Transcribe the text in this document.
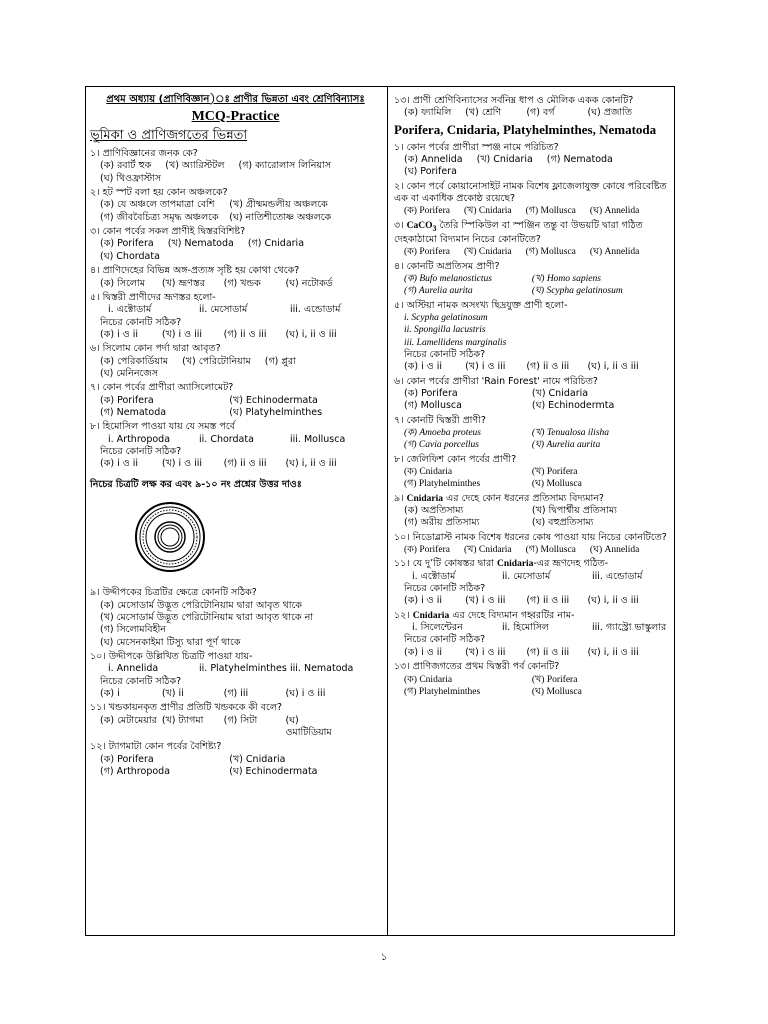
প্রথম অধ্যায় (প্রাণিবিজ্ঞান)ঃ প্রাণীর ভিন্নতা এবং শ্রেণিবিন্যাসঃ
MCQ-Practice
ভূমিকা ও প্রাণিজগতের ভিন্নতা
১। প্রাণিবিজ্ঞানের জনক কে?
(ক) রবার্ট হুক (খ) অ্যারিস্টটল (গ) ক্যারোলাস লিনিয়াস
(ঘ) থিওফ্রাস্টাস
২। হট স্পট বলা হয় কোন অঞ্চলকে?
(ক) যে অঞ্চলে তাপমাত্রা বেশি	(খ) গ্রীষ্মমন্ডলীয় অঞ্চলকে
(গ) জীববৈচিত্র্য সমৃদ্ধ অঞ্চলকে	(ঘ) নাতিশীতোষ্ণ অঞ্চলকে
৩। কোন পর্বের সকল প্রাণীই দ্বিস্তরবিশিষ্ট?
(ক) Porifera (খ) Nematoda (গ) Cnidaria
(ঘ) Chordata
৪। প্রাণিদেহের বিভিন্ন অঙ্গ-প্রত্যঙ্গ সৃষ্টি হয় কোথা থেকে?
(ক) সিলোম	(খ) ভ্রূণস্তর	(গ) খন্ডক	(ঘ) নটোকর্ড
৫। দ্বিস্তরী প্রাণীদের ভ্রূণস্তর হলো-
i. এক্টোডার্ম	ii. মেসোডার্ম	iii. এন্ডোডার্ম
নিচের কোনটি সঠিক?
(ক) i ও ii	(খ) i ও iii	(গ) ii ও iii	(ঘ) i, ii ও iii
৬। সিলোম কোন পর্দা দ্বারা আবৃত?
(ক) পেরিকার্ডিয়াম (খ) পেরিটোনিয়াম (গ) প্লুরা
(ঘ) মেনিনজেস
৭। কোন পর্বের প্রাণীরা অ্যাসিলোমেট?
(ক) Porifera	(খ) Echinodermata
(গ) Nematoda	(ঘ) Platyhelminthes
৮। হিমোসিল পাওয়া যায় যে সমস্ত পর্বে
i. Arthropoda	ii. Chordata	iii. Mollusca
নিচের কোনটি সঠিক?
(ক) i ও ii	(খ) i ও iii	(গ) ii ও iii	(ঘ) i, ii ও iii
নিচের চিত্রটি লক্ষ কর এবং ৯-১০ নং প্রশ্নের উত্তর দাওঃ
৯। উদ্দীপকের চিত্রটির ক্ষেত্রে কোনটি সঠিক?
(ক) মেসোডার্ম উদ্ভূত পেরিটোনিয়াম দ্বারা আবৃত থাকে
(খ) মেসোডার্ম উদ্ভূত পেরিটোনিয়াম দ্বারা আবৃত থাকে না
(গ) সিলোমবিহীন
(ঘ) মেসেনকাইমা টিস্যু দ্বারা পূর্ণ থাকে
১০। উদ্দীপকে উল্লিখিত চিত্রটি পাওয়া যায়-
i. Annelida	ii. Platyhelminthes iii. Nematoda
নিচের কোনটি সঠিক?
(ক) i	(খ) ii	(গ) iii	(ঘ) i ও iii
১১। খন্ডকায়নকৃত প্রাণীর প্রতিটি খন্ডককে কী বলে?
(ক) মেটামেয়ার (খ) ট্যাগমা	(গ) সিটা	(ঘ) ওমাটিডিয়াম
১২। ট্যাগমাটা কোন পর্বের বৈশিষ্ট্য?
(ক) Porifera	(খ) Cnidaria
(গ) Arthropoda	(ঘ) Echinodermata
১৩। প্রাণী শ্রেণিবিন্যাসের সর্বনিম্ন ধাপ ও মৌলিক একক কোনটি?
(ক) ফ্যামিলি	(খ) শ্রেণি	(গ) বর্গ	(ঘ) প্রজাতি
Porifera, Cnidaria, Platyhelminthes, Nematoda
১। কোন পর্বের প্রাণীরা স্পঞ্জ নামে পরিচিত?
(ক) Annelida (খ) Cnidaria (গ) Nematoda
(ঘ) Porifera
২। কোন পর্বে কোয়ানোসাইট নামক বিশেষ ফ্লাজেলাযুক্ত কোষে পরিবেষ্টিত এক বা একাধিক প্রকোষ্ঠ রয়েছে?
(ক) Porifera (খ) Cnidaria (গ) Mollusca (ঘ) Annelida
৩। CaCO$_3$ তৈরি স্পিকিউল বা স্পঞ্জিন তন্তু বা উভয়টি দ্বারা গঠিত দেহকাঠামো বিদ্যমান নিচের কোনটিতে?
(ক) Porifera (খ) Cnidaria (গ) Mollusca (ঘ) Annelida
৪। কোনটি অপ্রতিসম প্রাণী?
(ক) Bufo melanostictus	(খ) Homo sapiens
(গ) Aurelia aurita	(ঘ) Scypha gelatinosum
৫। অস্টিয়া নামক অসংখ্য ছিদ্রযুক্ত প্রাণী হলো-
i. Scypha gelatinosum
ii. Spongilla lacustris
iii. Lamellidens marginalis
নিচের কোনটি সঠিক?
(ক) i ও ii	(খ) i ও iii	(গ) ii ও iii	(ঘ) i, ii ও iii
৬। কোন পর্বের প্রাণীরা 'Rain Forest' নামে পরিচিত?
(ক) Porifera	(খ) Cnidaria
(গ) Mollusca	(ঘ) Echinodermta
৭। কোনটি দ্বিস্তরী প্রাণী?
(ক) Amoeba proteus	(খ) Tenualosa ilisha
(গ) Cavia porcellus	(ঘ) Aurelia aurita
৮। জেলিফিশ কোন পর্বের প্রাণী?
(ক) Cnidaria	(খ) Porifera
(গ) Platyhelminthes	(ঘ) Mollusca
৯। Cnidaria এর দেহে কোন ধরনের প্রতিসাম্য বিদ্যমান?
(ক) অপ্রতিসাম্য	(খ) দ্বিপার্শ্বীয় প্রতিসাম্য
(গ) অরীয় প্রতিসাম্য	(ঘ) বহুপ্রতিসাম্য
১০। নিডোব্লাস্ট নামক বিশেষ ধরনের কোষ পাওয়া যায় নিচের কোনটিতে?
(ক) Porifera (খ) Cnidaria (গ) Mollusca (ঘ) Annelida
১১। যে দু’টি কোষস্তর দ্বারা Cnidaria-এর ভ্রূণদেহ গঠিত-
i. এক্টোডার্ম	ii. মেসোডার্ম	iii. এন্ডোডার্ম
নিচের কোনটি সঠিক?
(ক) i ও ii	(খ) i ও iii	(গ) ii ও iii	(ঘ) i, ii ও iii
১২। Cnidaria এর দেহে বিদ্যমান গহ্বরটির নাম-
i. সিলেন্টেরন	ii. হিমোসিল	iii. গ্যাস্ট্রো ভাস্কুলার
নিচের কোনটি সঠিক?
(ক) i ও ii	(খ) i ও iii	(গ) ii ও iii	(ঘ) i, ii ও iii
১৩। প্রাণিজগতের প্রথম দ্বিস্তরী পর্ব কোনটি?
(ক) Cnidaria	(খ) Porifera
(গ) Platyhelminthes	(ঘ) Mollusca
১
